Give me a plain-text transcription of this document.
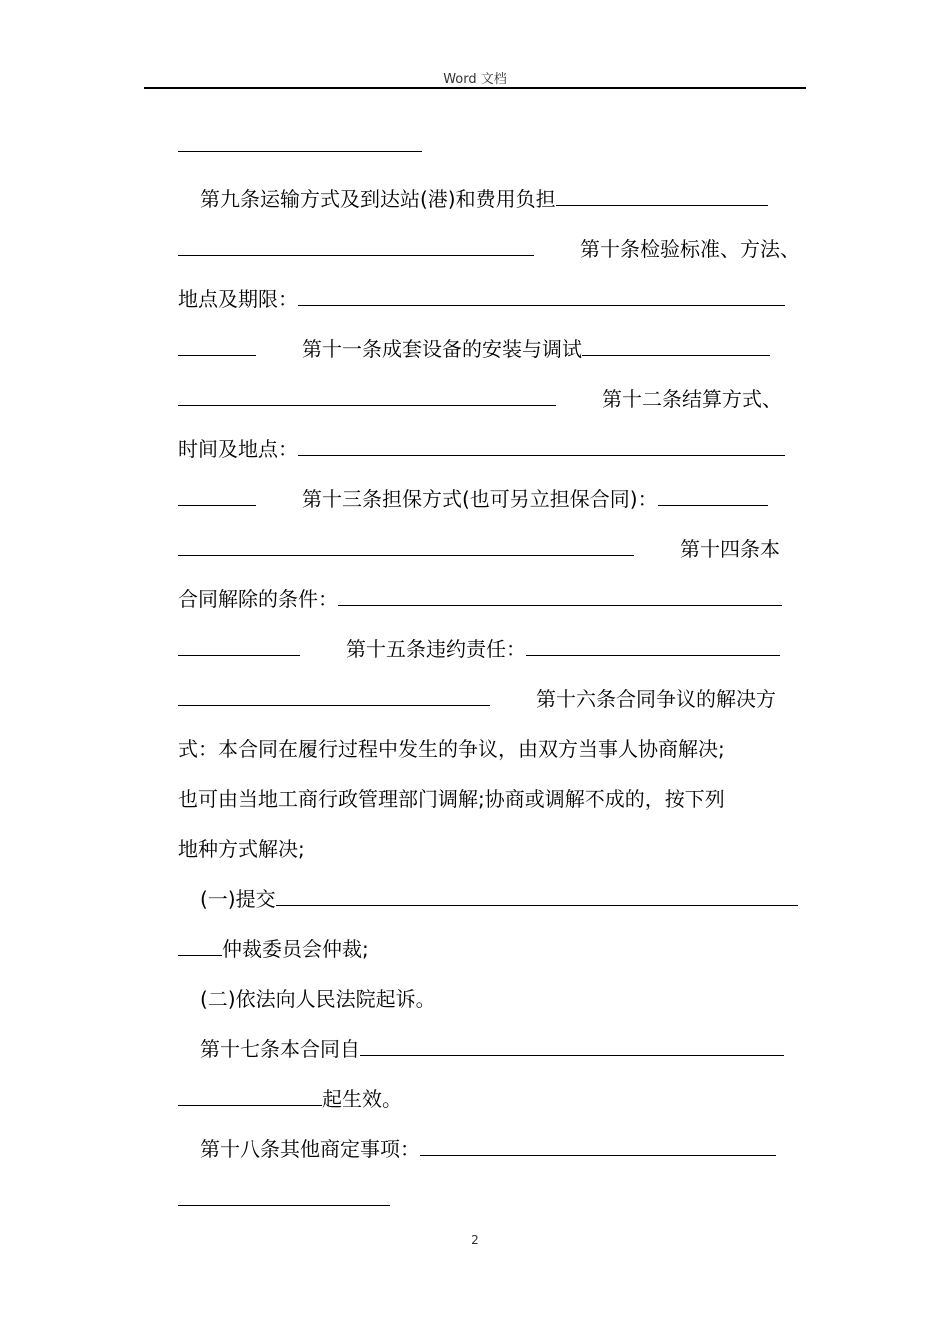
Word 文档
第九条运输方式及到达站(港)和费用负担
第十条检验标准、方法、
地点及期限：
第十一条成套设备的安装与调试
第十二条结算方式、
时间及地点：
第十三条担保方式(也可另立担保合同)：
第十四条本
合同解除的条件：
第十五条违约责任：
第十六条合同争议的解决方
式：本合同在履行过程中发生的争议，由双方当事人协商解决;
也可由当地工商行政管理部门调解;协商或调解不成的，按下列
地种方式解决;
(一)提交
仲裁委员会仲裁;
(二)依法向人民法院起诉。
第十七条本合同自
起生效。
第十八条其他商定事项：
2
